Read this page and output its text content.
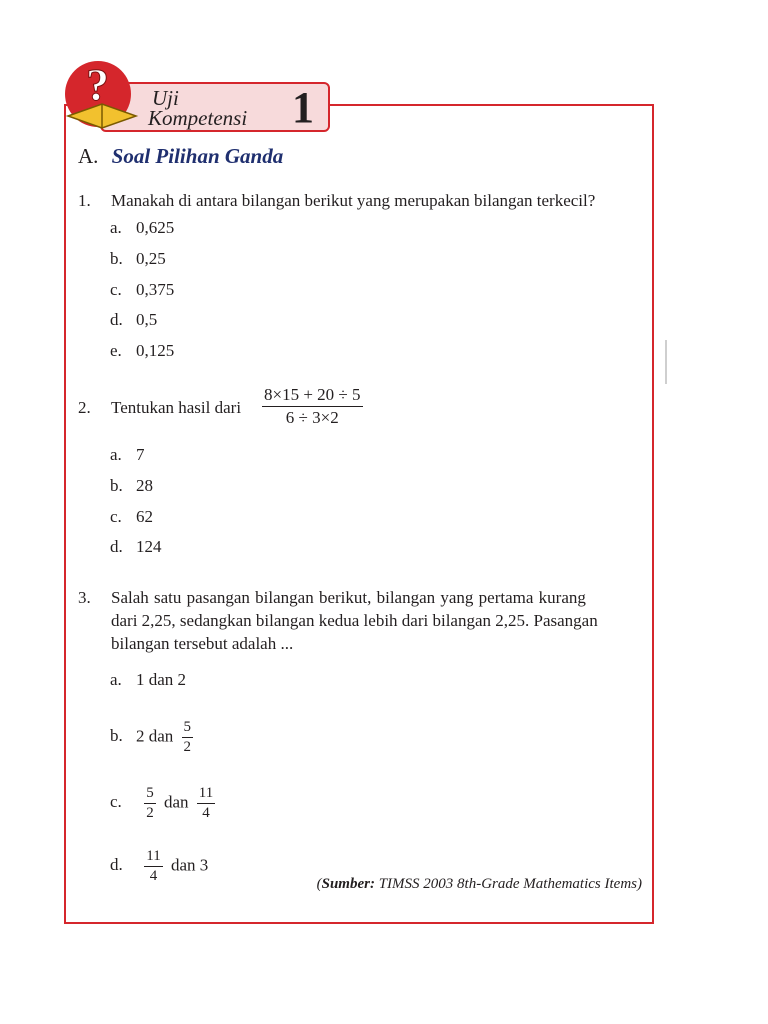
Uji
Kompetensi 1
?
A. Soal Pilihan Ganda
1. Manakah di antara bilangan berikut yang merupakan bilangan terkecil?
a. 0,625
b. 0,25
c. 0,375
d. 0,5
e. 0,125
2. Tentukan hasil dari $\frac{8\times 15 + 20 \div 5}{6 \div 3\times 2}$
a. 7
b. 28
c. 62
d. 124
3. Salah satu pasangan bilangan berikut, bilangan yang pertama kurang
dari 2,25, sedangkan bilangan kedua lebih dari bilangan 2,25. Pasangan
bilangan tersebut adalah ...
a. 1 dan 2
b. 2 dan $\frac{5}{2}$
c. $\frac{5}{2}$ dan $\frac{11}{4}$
d. $\frac{11}{4}$ dan 3
(Sumber: TIMSS 2003 8th-Grade Mathematics Items)
